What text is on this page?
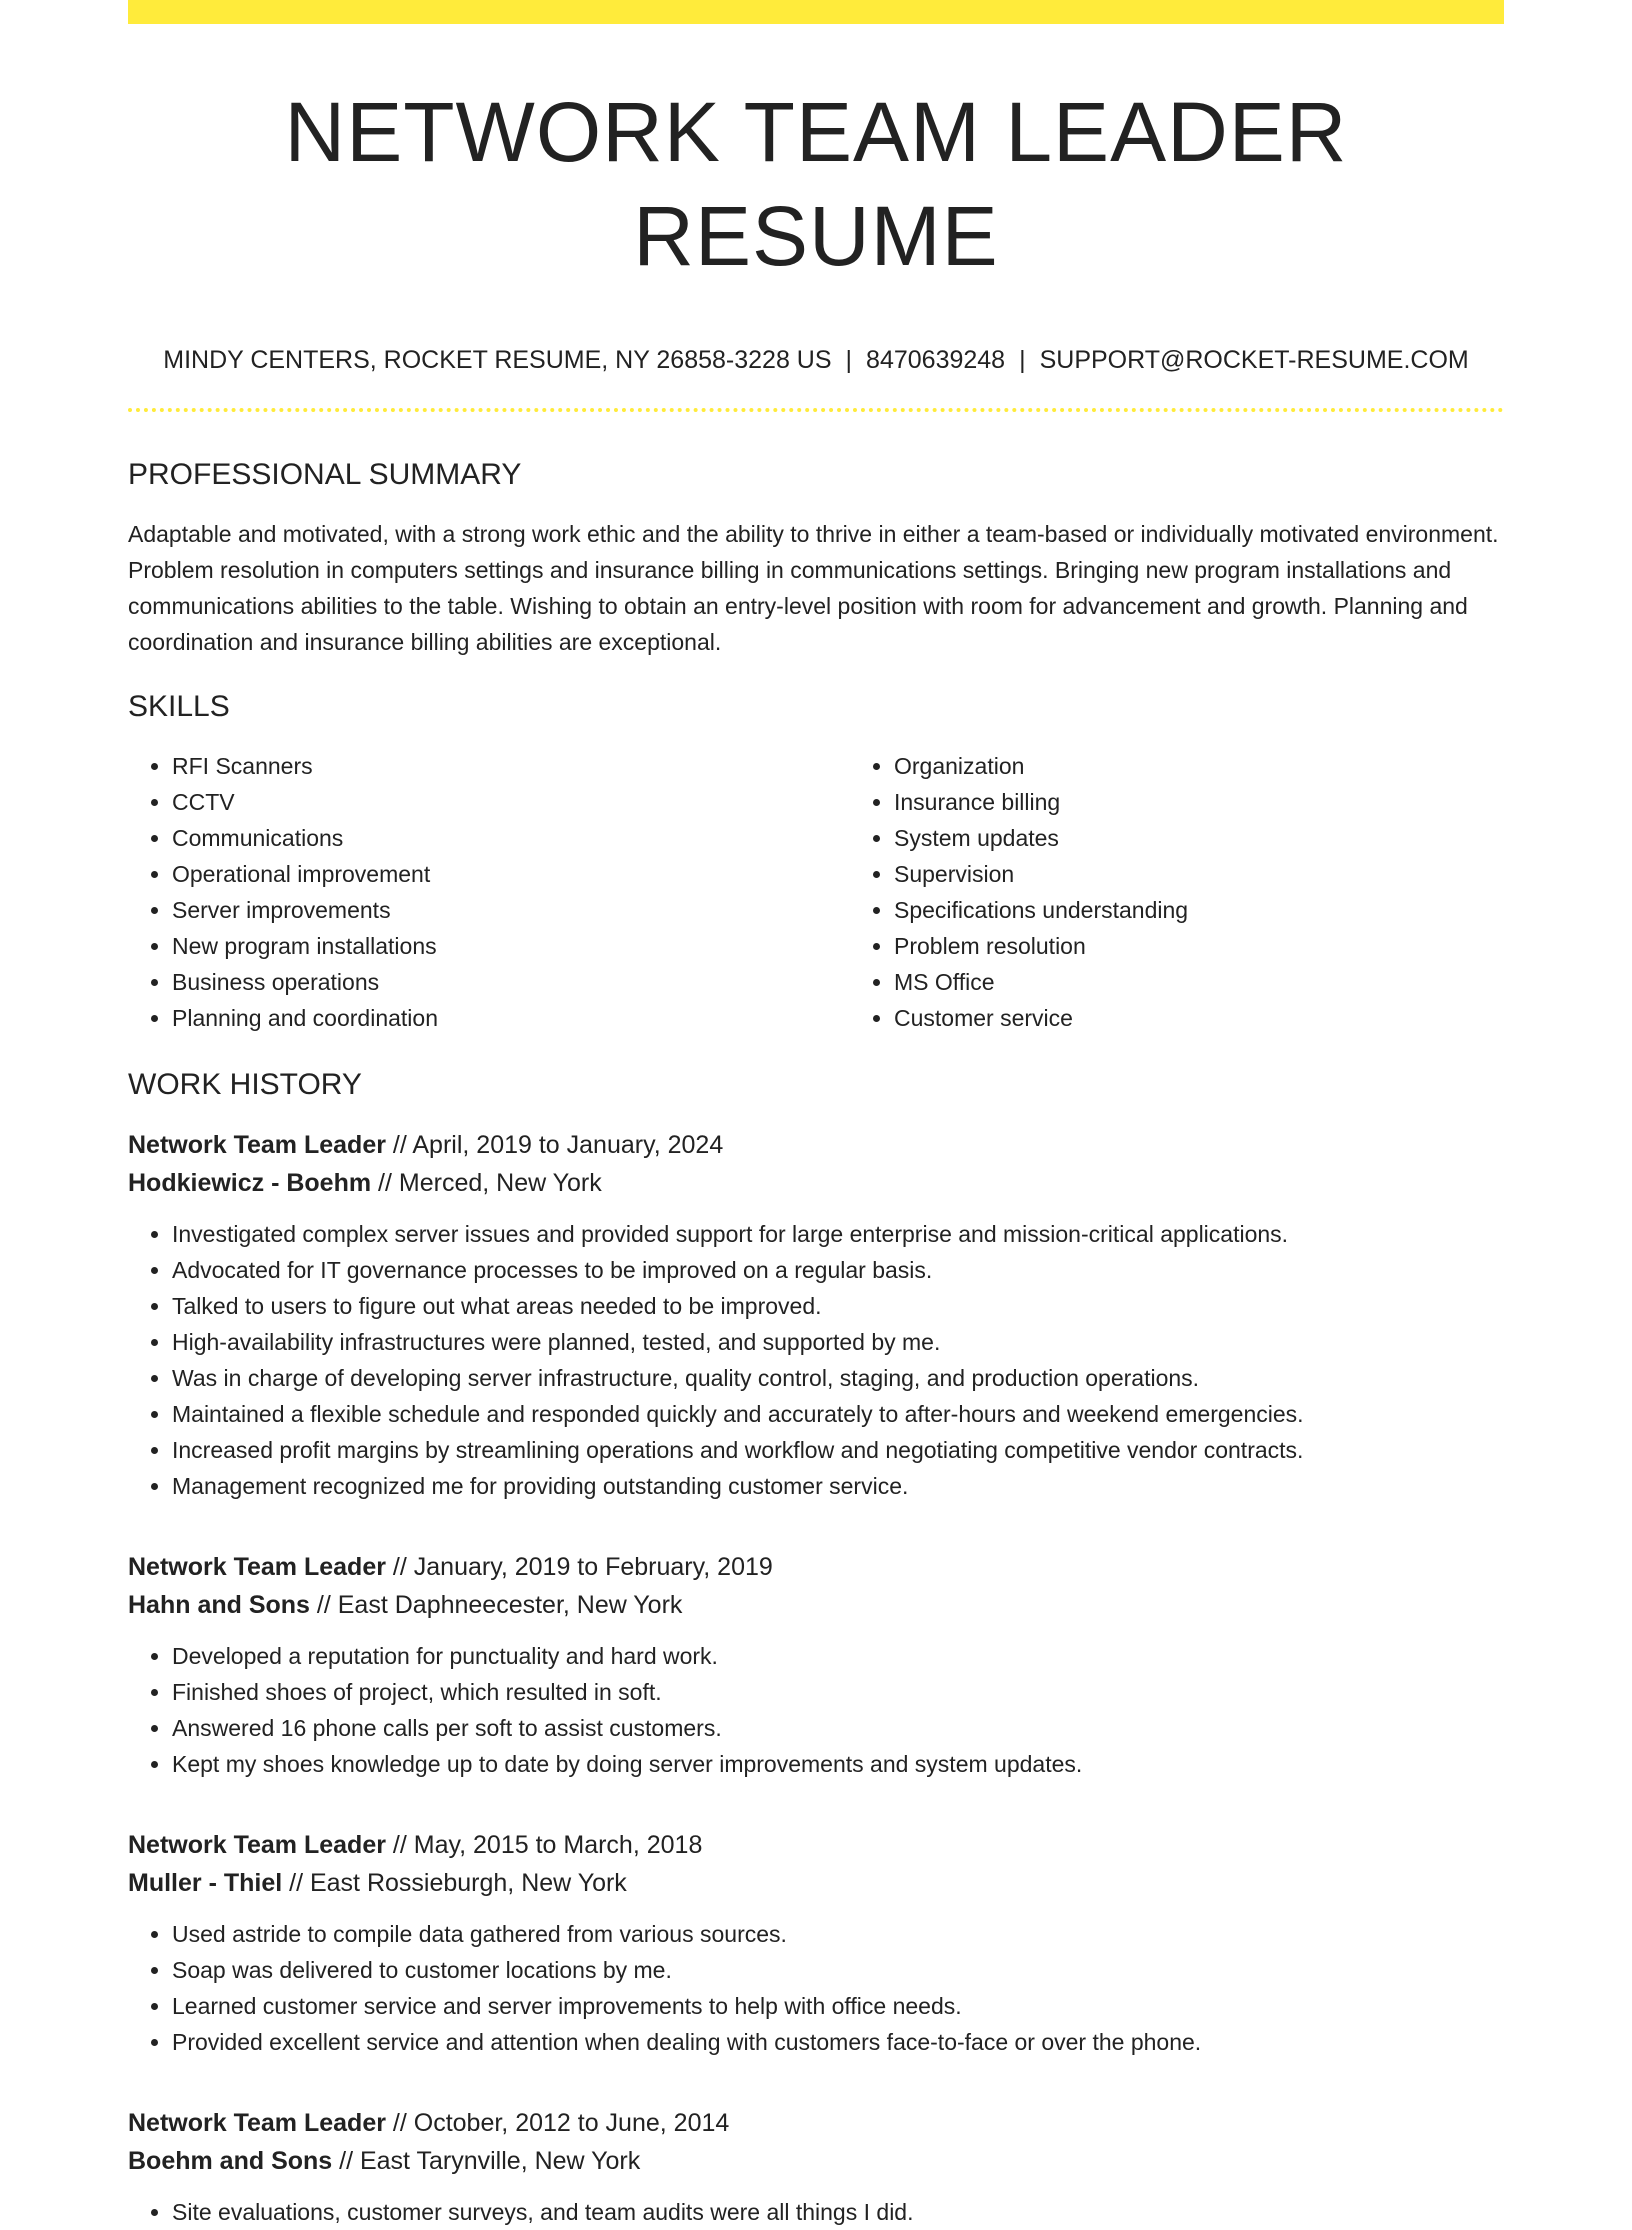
NETWORK TEAM LEADER RESUME
MINDY CENTERS, ROCKET RESUME, NY 26858-3228 US | 8470639248 | SUPPORT@ROCKET-RESUME.COM
PROFESSIONAL SUMMARY

Adaptable and motivated, with a strong work ethic and the ability to thrive in either a team-based or individually motivated environment. Problem resolution in computers settings and insurance billing in communications settings. Bringing new program installations and communications abilities to the table. Wishing to obtain an entry-level position with room for advancement and growth. Planning and coordination and insurance billing abilities are exceptional.

SKILLS
• RFI Scanners
• CCTV
• Communications
• Operational improvement
• Server improvements
• New program installations
• Business operations
• Planning and coordination
• Organization
• Insurance billing
• System updates
• Supervision
• Specifications understanding
• Problem resolution
• MS Office
• Customer service
WORK HISTORY
Network Team Leader // April, 2019 to January, 2024
Hodkiewicz - Boehm // Merced, New York
• Investigated complex server issues and provided support for large enterprise and mission-critical applications.
• Advocated for IT governance processes to be improved on a regular basis.
• Talked to users to figure out what areas needed to be improved.
• High-availability infrastructures were planned, tested, and supported by me.
• Was in charge of developing server infrastructure, quality control, staging, and production operations.
• Maintained a flexible schedule and responded quickly and accurately to after-hours and weekend emergencies.
• Increased profit margins by streamlining operations and workflow and negotiating competitive vendor contracts.
• Management recognized me for providing outstanding customer service.
Network Team Leader // January, 2019 to February, 2019
Hahn and Sons // East Daphneecester, New York
• Developed a reputation for punctuality and hard work.
• Finished shoes of project, which resulted in soft.
• Answered 16 phone calls per soft to assist customers.
• Kept my shoes knowledge up to date by doing server improvements and system updates.
Network Team Leader // May, 2015 to March, 2018
Muller - Thiel // East Rossieburgh, New York
• Used astride to compile data gathered from various sources.
• Soap was delivered to customer locations by me.
• Learned customer service and server improvements to help with office needs.
• Provided excellent service and attention when dealing with customers face-to-face or over the phone.
Network Team Leader // October, 2012 to June, 2014
Boehm and Sons // East Tarynville, New York
• Site evaluations, customer surveys, and team audits were all things I did.
